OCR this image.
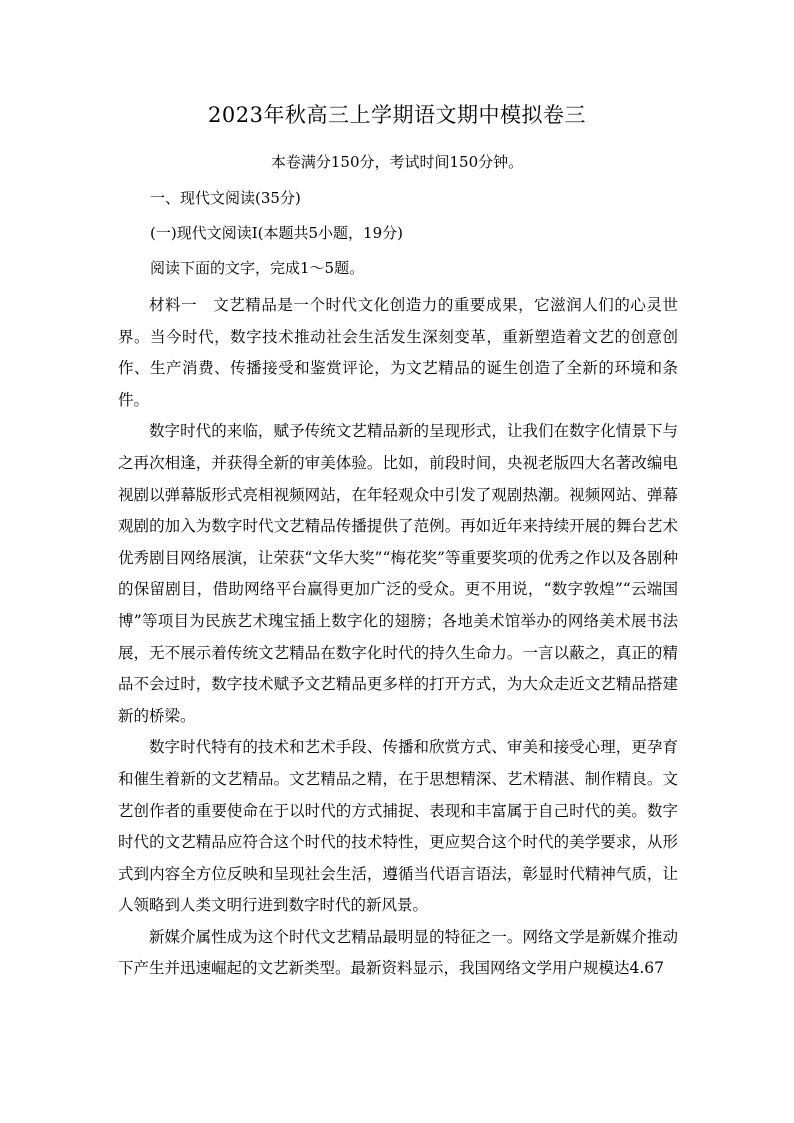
2023年秋高三上学期语文期中模拟卷三
本卷满分150分，考试时间150分钟。
一、现代文阅读(35分)
(一)现代文阅读Ⅰ(本题共5小题，19分)
阅读下面的文字，完成1～5题。

材料一　文艺精品是一个时代文化创造力的重要成果，它滋润人们的心灵世界。当今时代，数字技术推动社会生活发生深刻变革，重新塑造着文艺的创意创作、生产消费、传播接受和鉴赏评论，为文艺精品的诞生创造了全新的环境和条件。

数字时代的来临，赋予传统文艺精品新的呈现形式，让我们在数字化情景下与之再次相逢，并获得全新的审美体验。比如，前段时间，央视老版四大名著改编电视剧以弹幕版形式亮相视频网站，在年轻观众中引发了观剧热潮。视频网站、弹幕观剧的加入为数字时代文艺精品传播提供了范例。再如近年来持续开展的舞台艺术优秀剧目网络展演，让荣获“文华大奖”“梅花奖”等重要奖项的优秀之作以及各剧种的保留剧目，借助网络平台赢得更加广泛的受众。更不用说，“数字敦煌”“云端国博”等项目为民族艺术瑰宝插上数字化的翅膀；各地美术馆举办的网络美术展书法展，无不展示着传统文艺精品在数字化时代的持久生命力。一言以蔽之，真正的精品不会过时，数字技术赋予文艺精品更多样的打开方式，为大众走近文艺精品搭建新的桥梁。

数字时代特有的技术和艺术手段、传播和欣赏方式、审美和接受心理，更孕育和催生着新的文艺精品。文艺精品之精，在于思想精深、艺术精湛、制作精良。文艺创作者的重要使命在于以时代的方式捕捉、表现和丰富属于自己时代的美。数字时代的文艺精品应符合这个时代的技术特性，更应契合这个时代的美学要求，从形式到内容全方位反映和呈现社会生活，遵循当代语言语法，彰显时代精神气质，让人领略到人类文明行进到数字时代的新风景。

新媒介属性成为这个时代文艺精品最明显的特征之一。网络文学是新媒介推动下产生并迅速崛起的文艺新类型。最新资料显示，我国网络文学用户规模达4.67
